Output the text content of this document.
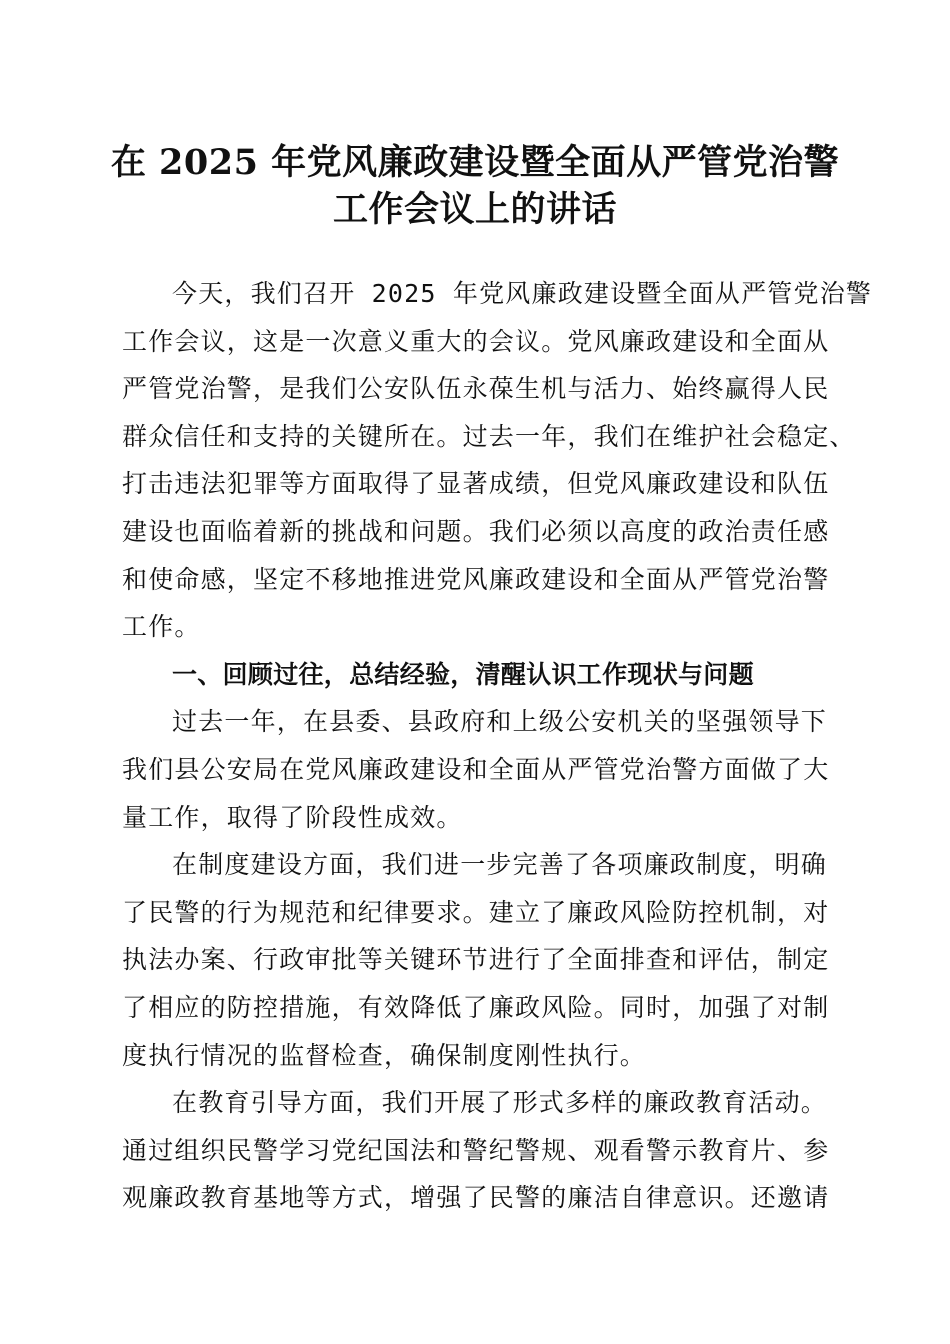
在 2025 年党风廉政建设暨全面从严管党治警
工作会议上的讲话
今天，我们召开 2025 年党风廉政建设暨全面从严管党治警
工作会议，这是一次意义重大的会议。党风廉政建设和全面从
严管党治警，是我们公安队伍永葆生机与活力、始终赢得人民
群众信任和支持的关键所在。过去一年，我们在维护社会稳定、
打击违法犯罪等方面取得了显著成绩，但党风廉政建设和队伍
建设也面临着新的挑战和问题。我们必须以高度的政治责任感
和使命感，坚定不移地推进党风廉政建设和全面从严管党治警
工作。
一、回顾过往，总结经验，清醒认识工作现状与问题
过去一年，在县委、县政府和上级公安机关的坚强领导下
我们县公安局在党风廉政建设和全面从严管党治警方面做了大
量工作，取得了阶段性成效。
在制度建设方面，我们进一步完善了各项廉政制度，明确
了民警的行为规范和纪律要求。建立了廉政风险防控机制，对
执法办案、行政审批等关键环节进行了全面排查和评估，制定
了相应的防控措施，有效降低了廉政风险。同时，加强了对制
度执行情况的监督检查，确保制度刚性执行。
在教育引导方面，我们开展了形式多样的廉政教育活动。
通过组织民警学习党纪国法和警纪警规、观看警示教育片、参
观廉政教育基地等方式，增强了民警的廉洁自律意识。还邀请
